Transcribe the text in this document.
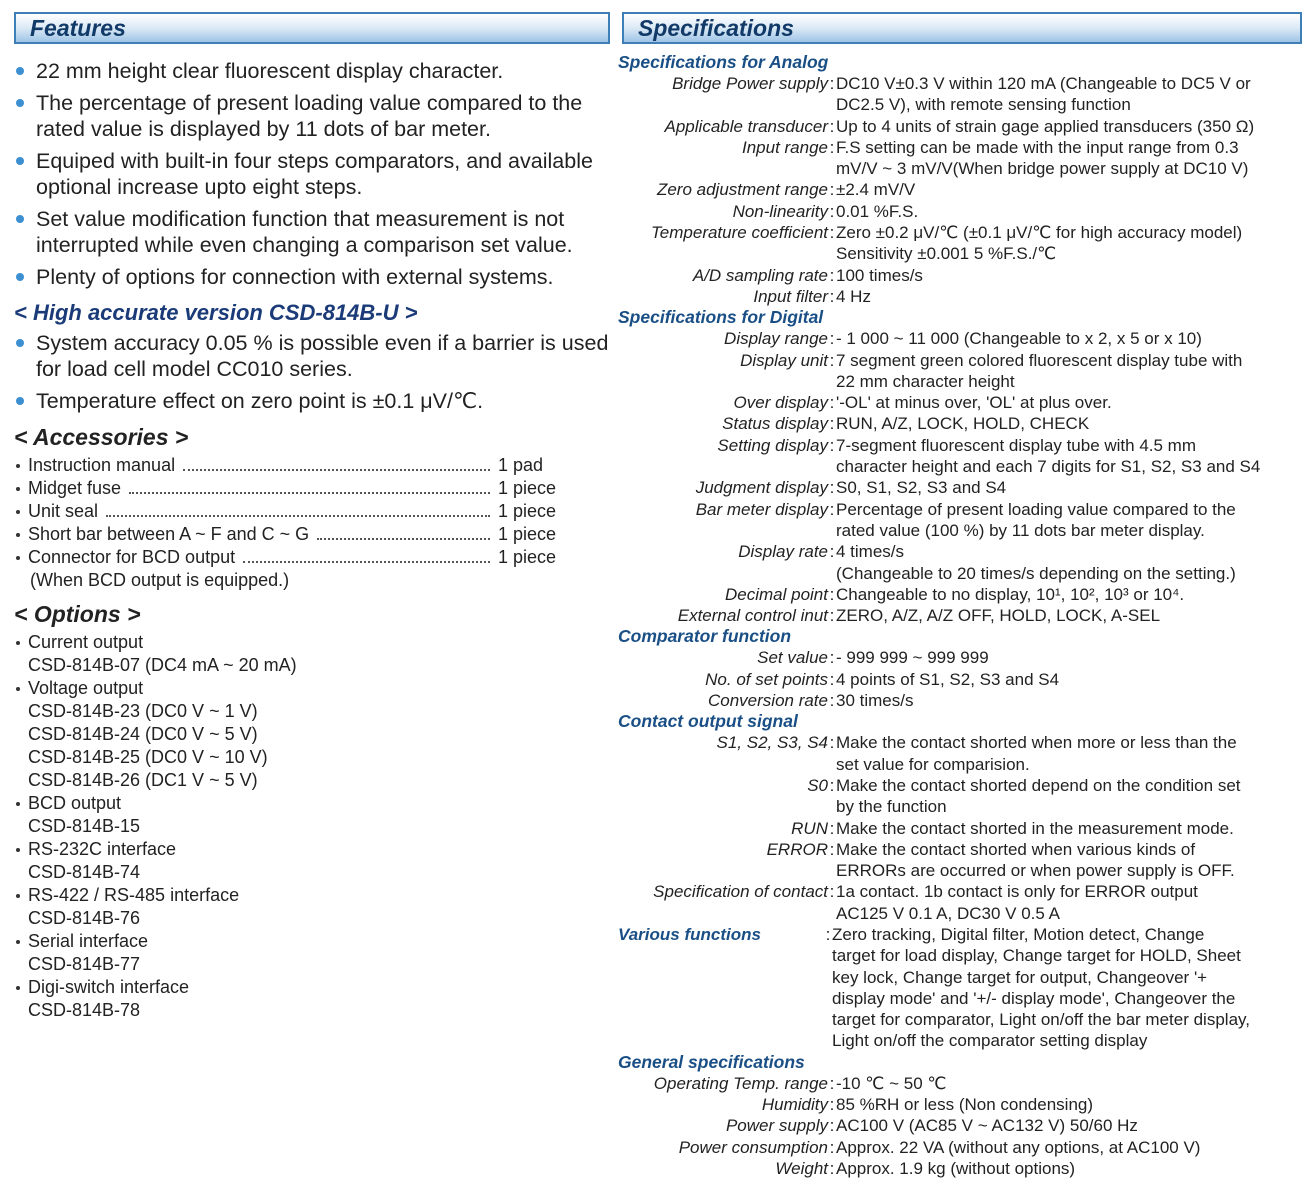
Features
22 mm height clear fluorescent display character.
The percentage of present loading value compared to the rated value is displayed by 11 dots of bar meter.
Equiped with built-in four steps comparators, and available optional increase upto eight steps.
Set value modification function that measurement is not interrupted while even changing a comparison set value.
Plenty of options for connection with external systems.
< High accurate version CSD-814B-U >
System accuracy 0.05 % is possible even if a barrier is used for load cell model CC010 series.
Temperature effect on zero point is ±0.1 μV/℃.
< Accessories >
Instruction manual	1 pad
Midget fuse	1 piece
Unit seal	1 piece
Short bar between A ~ F and C ~ G	1 piece
Connector for BCD output	1 piece
(When BCD output is equipped.)
< Options >
Current output
CSD-814B-07 (DC4 mA ~ 20 mA)
Voltage output
CSD-814B-23 (DC0 V ~ 1 V)
CSD-814B-24 (DC0 V ~ 5 V)
CSD-814B-25 (DC0 V ~ 10 V)
CSD-814B-26 (DC1 V ~ 5 V)
BCD output
CSD-814B-15
RS-232C interface
CSD-814B-74
RS-422 / RS-485 interface
CSD-814B-76
Serial interface
CSD-814B-77
Digi-switch interface
CSD-814B-78
Specifications
Specifications for Analog
Bridge Power supply : DC10 V±0.3 V within 120 mA (Changeable to DC5 V or
DC2.5 V), with remote sensing function
Applicable transducer : Up to 4 units of strain gage applied transducers (350 Ω)
Input range : F.S setting can be made with the input range from 0.3
mV/V ~ 3 mV/V(When bridge power supply at DC10 V)
Zero adjustment range : ±2.4 mV/V
Non-linearity : 0.01 %F.S.
Temperature coefficient : Zero ±0.2 μV/℃ (±0.1 μV/℃ for high accuracy model)
Sensitivity ±0.001 5 %F.S./℃
A/D sampling rate : 100 times/s
Input filter : 4 Hz
Specifications for Digital
Display range : - 1 000 ~ 11 000 (Changeable to x 2, x 5 or x 10)
Display unit : 7 segment green colored fluorescent display tube with
22 mm character height
Over display : '-OL' at minus over, 'OL' at plus over.
Status display : RUN, A/Z, LOCK, HOLD, CHECK
Setting display : 7-segment fluorescent display tube with 4.5 mm
character height and each 7 digits for S1, S2, S3 and S4
Judgment display : S0, S1, S2, S3 and S4
Bar meter display : Percentage of present loading value compared to the
rated value (100 %) by 11 dots bar meter display.
Display rate : 4 times/s
(Changeable to 20 times/s depending on the setting.)
Decimal point : Changeable to no display, 10¹, 10², 10³ or 10⁴.
External control inut : ZERO, A/Z, A/Z OFF, HOLD, LOCK, A-SEL
Comparator function
Set value : - 999 999 ~ 999 999
No. of set points : 4 points of S1, S2, S3 and S4
Conversion rate : 30 times/s
Contact output signal
S1, S2, S3, S4 : Make the contact shorted when more or less than the
set value for comparision.
S0 : Make the contact shorted depend on the condition set
by the function
RUN : Make the contact shorted in the measurement mode.
ERROR : Make the contact shorted when various kinds of
ERRORs are occurred or when power supply is OFF.
Specification of contact : 1a contact. 1b contact is only for ERROR output
AC125 V 0.1 A, DC30 V 0.5 A
Various functions	: Zero tracking, Digital filter, Motion detect, Change
target for load display, Change target for HOLD, Sheet
key lock, Change target for output, Changeover '+
display mode' and '+/- display mode', Changeover the
target for comparator, Light on/off the bar meter display,
Light on/off the comparator setting display
General specifications
Operating Temp. range : -10 ℃ ~ 50 ℃
Humidity : 85 %RH or less (Non condensing)
Power supply : AC100 V (AC85 V ~ AC132 V) 50/60 Hz
Power consumption : Approx. 22 VA (without any options, at AC100 V)
Weight : Approx. 1.9 kg (without options)
